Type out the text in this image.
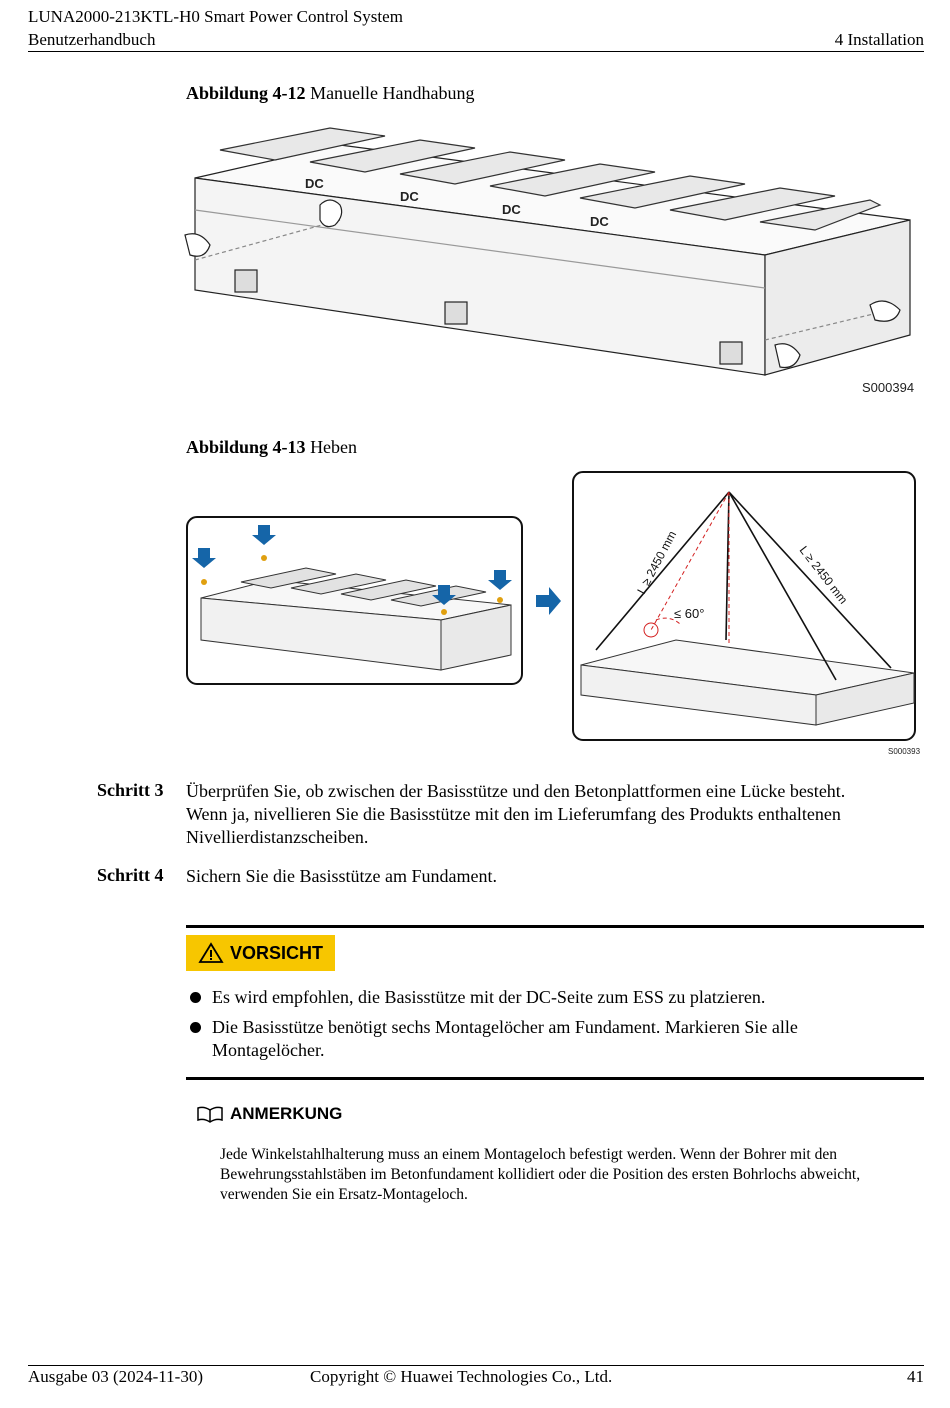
LUNA2000-213KTL-H0 Smart Power Control System
Benutzerhandbuch	4 Installation
Abbildung 4-12 Manuelle Handhabung
DC
DC
DC
DC
S000394
Abbildung 4-13 Heben
≤ 60°
L ≥ 2450 mm	L ≥ 2450 mm
S000393
Schritt 3 Überprüfen Sie, ob zwischen der Basisstütze und den Betonplattformen eine Lücke besteht.
Wenn ja, nivellieren Sie die Basisstütze mit den im Lieferumfang des Produkts enthaltenen
Nivellierdistanzscheiben.
Schritt 4 Sichern Sie die Basisstütze am Fundament.
VORSICHT
Es wird empfohlen, die Basisstütze mit der DC-Seite zum ESS zu platzieren.
Die Basisstütze benötigt sechs Montagelöcher am Fundament. Markieren Sie alle
Montagelöcher.
ANMERKUNG
Jede Winkelstahlhalterung muss an einem Montageloch befestigt werden. Wenn der Bohrer mit den
Bewehrungsstahlstäben im Betonfundament kollidiert oder die Position des ersten Bohrlochs abweicht,
verwenden Sie ein Ersatz-Montageloch.
Ausgabe 03 (2024-11-30)	Copyright © Huawei Technologies Co., Ltd.	41
